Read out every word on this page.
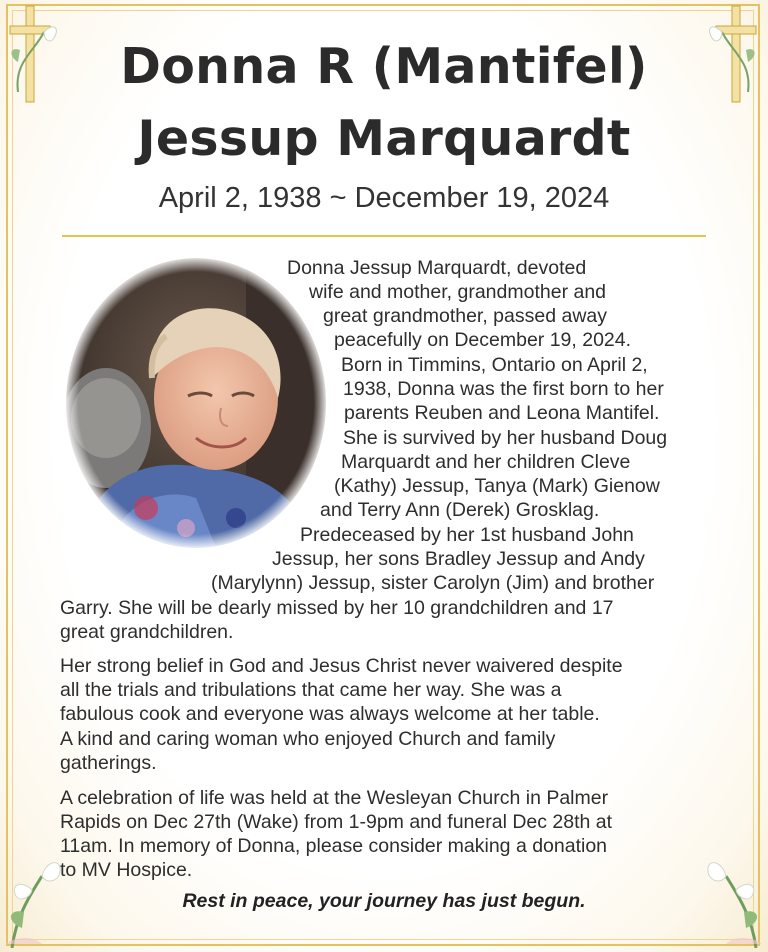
Donna R (Mantifel)
Jessup Marquardt
April 2, 1938 ~ December 19, 2024
Donna Jessup Marquardt, devoted
wife and mother, grandmother and
great grandmother, passed away
peacefully on December 19, 2024.
Born in Timmins, Ontario on April 2,
1938, Donna was the first born to her
parents Reuben and Leona Mantifel.
She is survived by her husband Doug
Marquardt and her children Cleve
(Kathy) Jessup, Tanya (Mark) Gienow
and Terry Ann (Derek) Grosklag.
Predeceased by her 1st husband John
Jessup, her sons Bradley Jessup and Andy
(Marylynn) Jessup, sister Carolyn (Jim) and brother
Garry. She will be dearly missed by her 10 grandchildren and 17
great grandchildren.
Her strong belief in God and Jesus Christ never waivered despite
all the trials and tribulations that came her way. She was a
fabulous cook and everyone was always welcome at her table.
A kind and caring woman who enjoyed Church and family
gatherings.
A celebration of life was held at the Wesleyan Church in Palmer
Rapids on Dec 27th (Wake) from 1-9pm and funeral Dec 28th at
11am. In memory of Donna, please consider making a donation
to MV Hospice.
Rest in peace, your journey has just begun.
